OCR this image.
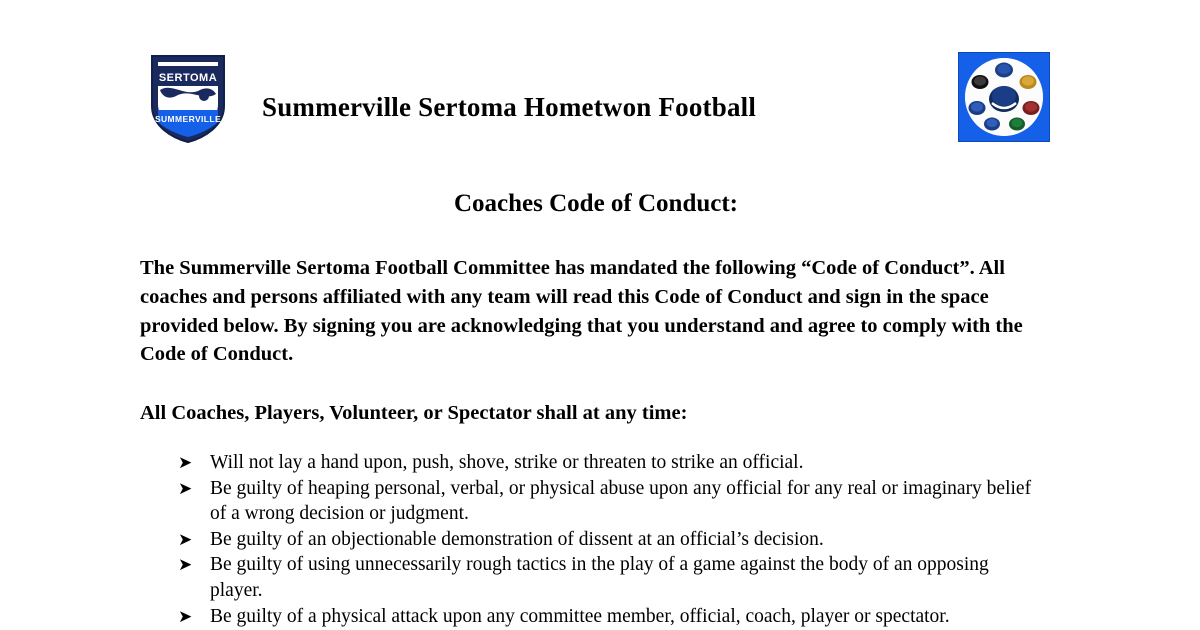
SERTOMA
SUMMERVILLE Summerville Sertoma Hometwon Football
Coaches Code of Conduct:

The Summerville Sertoma Football Committee has mandated the following “Code of Conduct”. All coaches and persons affiliated with any team will read this Code of Conduct and sign in the space provided below. By signing you are acknowledging that you understand and agree to comply with the Code of Conduct.

All Coaches, Players, Volunteer, or Spectator shall at any time:

➤ Will not lay a hand upon, push, shove, strike or threaten to strike an official.
➤ Be guilty of heaping personal, verbal, or physical abuse upon any official for any real or imaginary belief of a wrong decision or judgment.
➤ Be guilty of an objectionable demonstration of dissent at an official’s decision.
➤ Be guilty of using unnecessarily rough tactics in the play of a game against the body of an opposing player.
➤ Be guilty of a physical attack upon any committee member, official, coach, player or spectator.
